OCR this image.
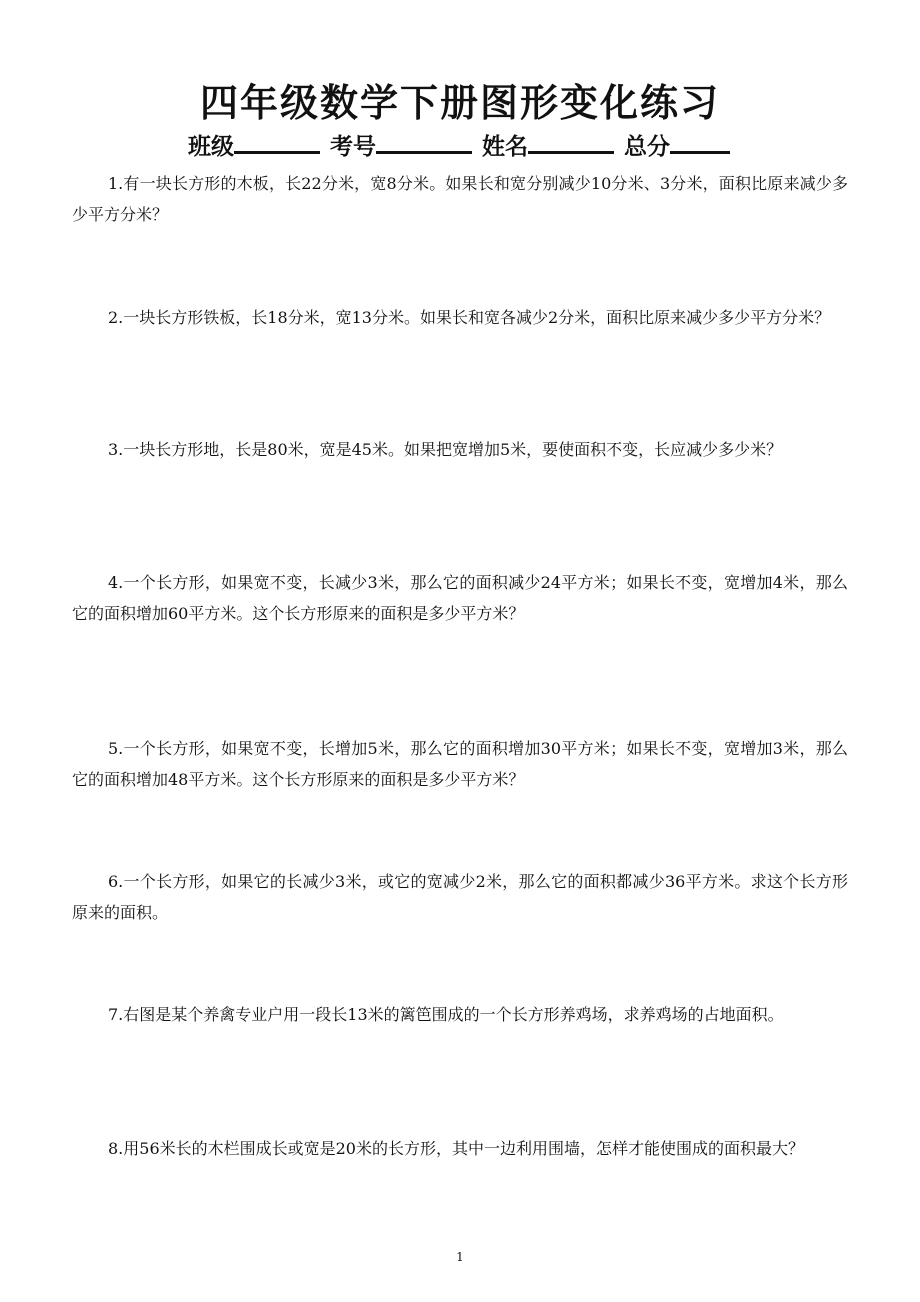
四年级数学下册图形变化练习
班级	考号	姓名	总分

1.有一块长方形的木板，长22分米，宽8分米。如果长和宽分别减少10分米、3分米，面积比原来减少多少平方分米？

2.一块长方形铁板，长18分米，宽13分米。如果长和宽各减少2分米，面积比原来减少多少平方分米？

3.一块长方形地，长是80米，宽是45米。如果把宽增加5米，要使面积不变，长应减少多少米？

4.一个长方形，如果宽不变，长减少3米，那么它的面积减少24平方米；如果长不变，宽增加4米，那么它的面积增加60平方米。这个长方形原来的面积是多少平方米？

5.一个长方形，如果宽不变，长增加5米，那么它的面积增加30平方米；如果长不变，宽增加3米，那么它的面积增加48平方米。这个长方形原来的面积是多少平方米？

6.一个长方形，如果它的长减少3米，或它的宽减少2米，那么它的面积都减少36平方米。求这个长方形原来的面积。

7.右图是某个养禽专业户用一段长13米的篱笆围成的一个长方形养鸡场，求养鸡场的占地面积。

8.用56米长的木栏围成长或宽是20米的长方形，其中一边利用围墙，怎样才能使围成的面积最大？

1
